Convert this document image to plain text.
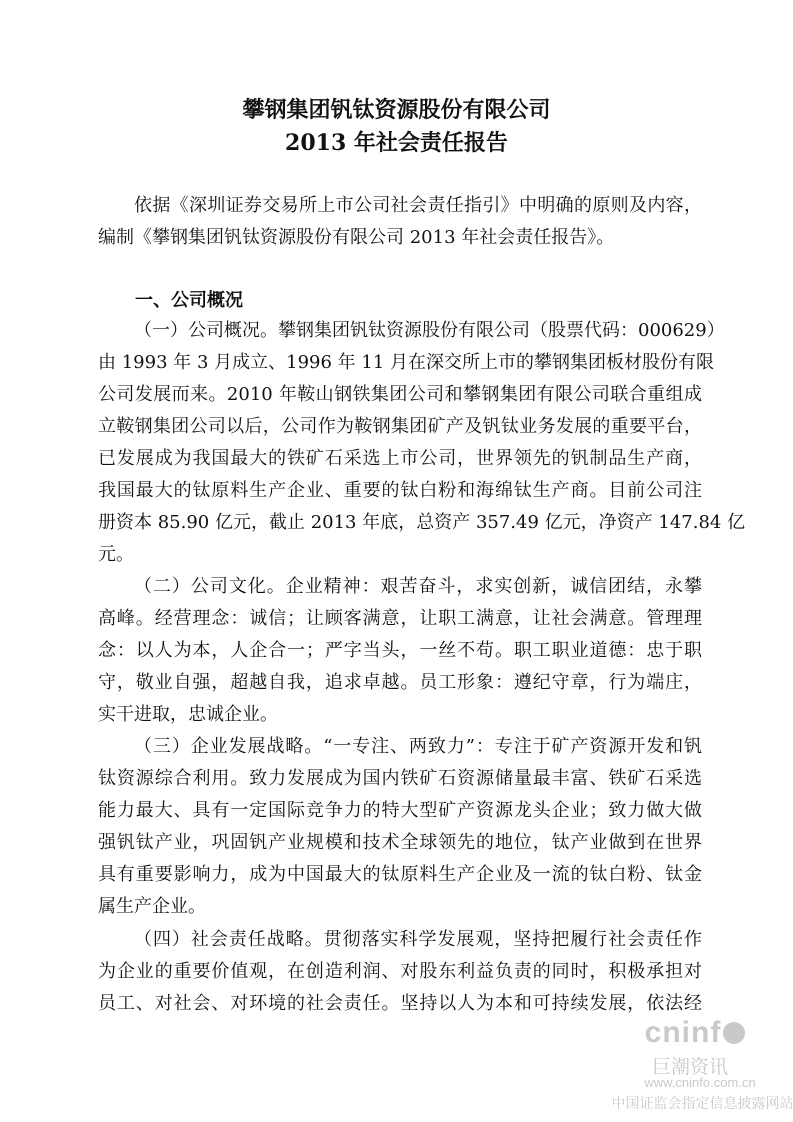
攀钢集团钒钛资源股份有限公司
2013 年社会责任报告
依据《深圳证券交易所上市公司社会责任指引》中明确的原则及内容，
编制《攀钢集团钒钛资源股份有限公司 2013 年社会责任报告》。
一、公司概况
（一）公司概况。攀钢集团钒钛资源股份有限公司（股票代码：000629）
由 1993 年 3 月成立、1996 年 11 月在深交所上市的攀钢集团板材股份有限
公司发展而来。2010 年鞍山钢铁集团公司和攀钢集团有限公司联合重组成
立鞍钢集团公司以后，公司作为鞍钢集团矿产及钒钛业务发展的重要平台，
已发展成为我国最大的铁矿石采选上市公司，世界领先的钒制品生产商，
我国最大的钛原料生产企业、重要的钛白粉和海绵钛生产商。目前公司注
册资本 85.90 亿元，截止 2013 年底，总资产 357.49 亿元，净资产 147.84 亿
元。
（二）公司文化。企业精神：艰苦奋斗，求实创新，诚信团结，永攀
高峰。经营理念：诚信；让顾客满意，让职工满意，让社会满意。管理理
念：以人为本，人企合一；严字当头，一丝不苟。职工职业道德：忠于职
守，敬业自强，超越自我，追求卓越。员工形象：遵纪守章，行为端庄，
实干进取，忠诚企业。
（三）企业发展战略。“一专注、两致力”：专注于矿产资源开发和钒
钛资源综合利用。致力发展成为国内铁矿石资源储量最丰富、铁矿石采选
能力最大、具有一定国际竞争力的特大型矿产资源龙头企业；致力做大做
强钒钛产业，巩固钒产业规模和技术全球领先的地位，钛产业做到在世界
具有重要影响力，成为中国最大的钛原料生产企业及一流的钛白粉、钛金
属生产企业。
（四）社会责任战略。贯彻落实科学发展观，坚持把履行社会责任作
为企业的重要价值观，在创造利润、对股东利益负责的同时，积极承担对
员工、对社会、对环境的社会责任。坚持以人为本和可持续发展，依法经
cninf
巨潮资讯
www.cninfo.com.cn
中国证监会指定信息披露网站
